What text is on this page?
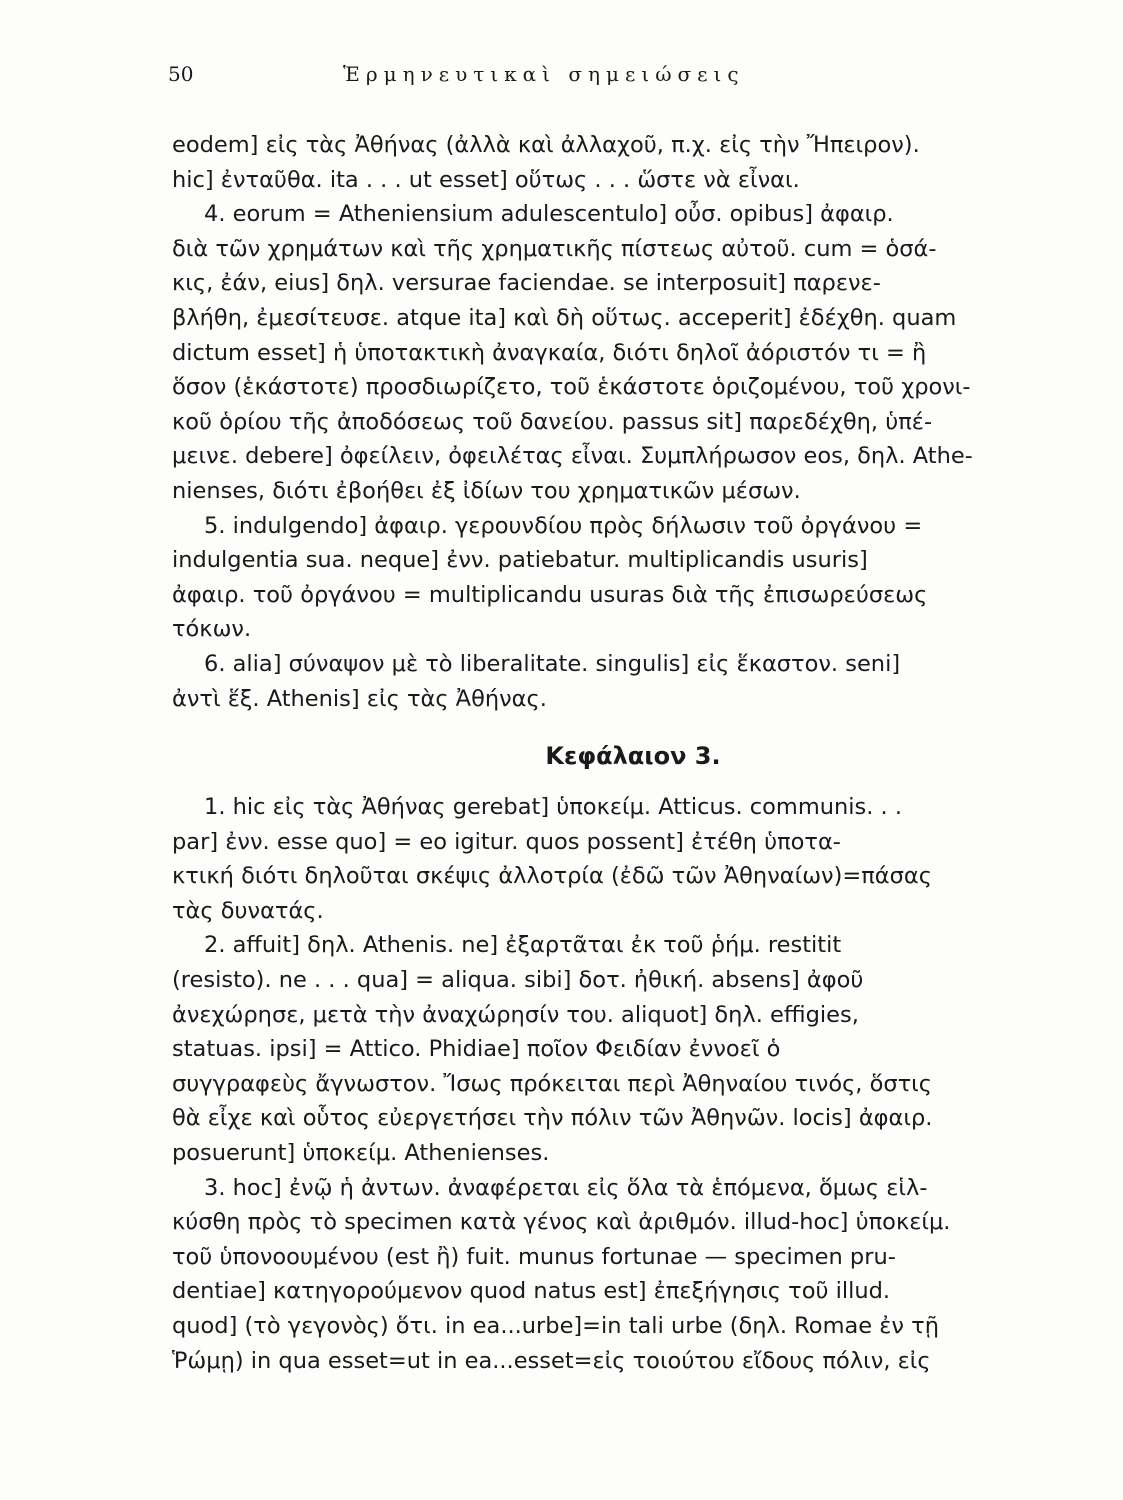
50	Ἑρμηνευτικαὶ σημειώσεις
eodem] εἰς τὰς Ἀθήνας (ἀλλὰ καὶ ἀλλαχοῦ, π.χ. εἰς τὴν Ἤπειρον).
hic] ἐνταῦθα. ita . . . ut esset] οὕτως . . . ὥστε νὰ εἶναι.
4. eorum = Atheniensium adulescentulo] οὖσ. opibus] ἀφαιρ.
διὰ τῶν χρημάτων καὶ τῆς χρηματικῆς πίστεως αὐτοῦ. cum = ὁσά-
κις, ἐάν, eius] δηλ. versurae faciendae. se interposuit] παρενε-
βλήθη, ἐμεσίτευσε. atque ita] καὶ δὴ οὕτως. acceperit] ἐδέχθη. quam
dictum esset] ἡ ὑποτακτικὴ ἀναγκαία, διότι δηλοῖ ἀόριστόν τι = ἢ
ὅσον (ἑκάστοτε) προσδιωρίζετο, τοῦ ἑκάστοτε ὁριζομένου, τοῦ χρονι-
κοῦ ὁρίου τῆς ἀποδόσεως τοῦ δανείου. passus sit] παρεδέχθη, ὑπέ-
μεινε. debere] ὀφείλειν, ὀφειλέτας εἶναι. Συμπλήρωσον eos, δηλ. Athe-
nienses, διότι ἐβοήθει ἐξ ἰδίων του χρηματικῶν μέσων.
5. indulgendo] ἀφαιρ. γερουνδίου πρὸς δήλωσιν τοῦ ὀργάνου =
indulgentia sua. neque] ἐνν. patiebatur. multiplicandis usuris]
ἀφαιρ. τοῦ ὀργάνου = multiplicandu usuras διὰ τῆς ἐπισωρεύσεως
τόκων.
6. alia] σύναψον μὲ τὸ liberalitate. singulis] εἰς ἕκαστον. seni]
ἀντὶ ἕξ. Athenis] εἰς τὰς Ἀθήνας.
Κεφάλαιον 3.
1. hic εἰς τὰς Ἀθήνας gerebat] ὑποκείμ. Atticus. communis. . .
par] ἐνν. esse quo] = eo igitur. quos possent] ἐτέθη ὑποτα-
κτική διότι δηλοῦται σκέψις ἀλλοτρία (ἐδῶ τῶν Ἀθηναίων)=πάσας
τὰς δυνατάς.
2. affuit] δηλ. Athenis. ne] ἐξαρτᾶται ἐκ τοῦ ῥήμ. restitit
(resisto). ne . . . qua] = aliqua. sibi] δοτ. ἠθική. absens] ἀφοῦ
ἀνεχώρησε, μετὰ τὴν ἀναχώρησίν του. aliquot] δηλ. effigies,
statuas. ipsi] = Attico. Phidiae] ποῖον Φειδίαν ἐννοεῖ ὁ
συγγραφεὺς ἄγνωστον. Ἴσως πρόκειται περὶ Ἀθηναίου τινός, ὅστις
θὰ εἶχε καὶ οὗτος εὐεργετήσει τὴν πόλιν τῶν Ἀθηνῶν. locis] ἀφαιρ.
posuerunt] ὑποκείμ. Athenienses.
3. hoc] ἐνῷ ἡ ἀντων. ἀναφέρεται εἰς ὅλα τὰ ἑπόμενα, ὅμως εἱλ-
κύσθη πρὸς τὸ specimen κατὰ γένος καὶ ἀριθμόν. illud-hoc] ὑποκείμ.
τοῦ ὑπονοουμένου (est ἢ) fuit. munus fortunae — specimen pru-
dentiae] κατηγορούμενον quod natus est] ἐπεξήγησις τοῦ illud.
quod] (τὸ γεγονὸς) ὅτι. in ea...urbe]=in tali urbe (δηλ. Romae ἐν τῇ
Ῥώμῃ) in qua esset=ut in ea...esset=εἰς τοιούτου εἴδους πόλιν, εἰς
